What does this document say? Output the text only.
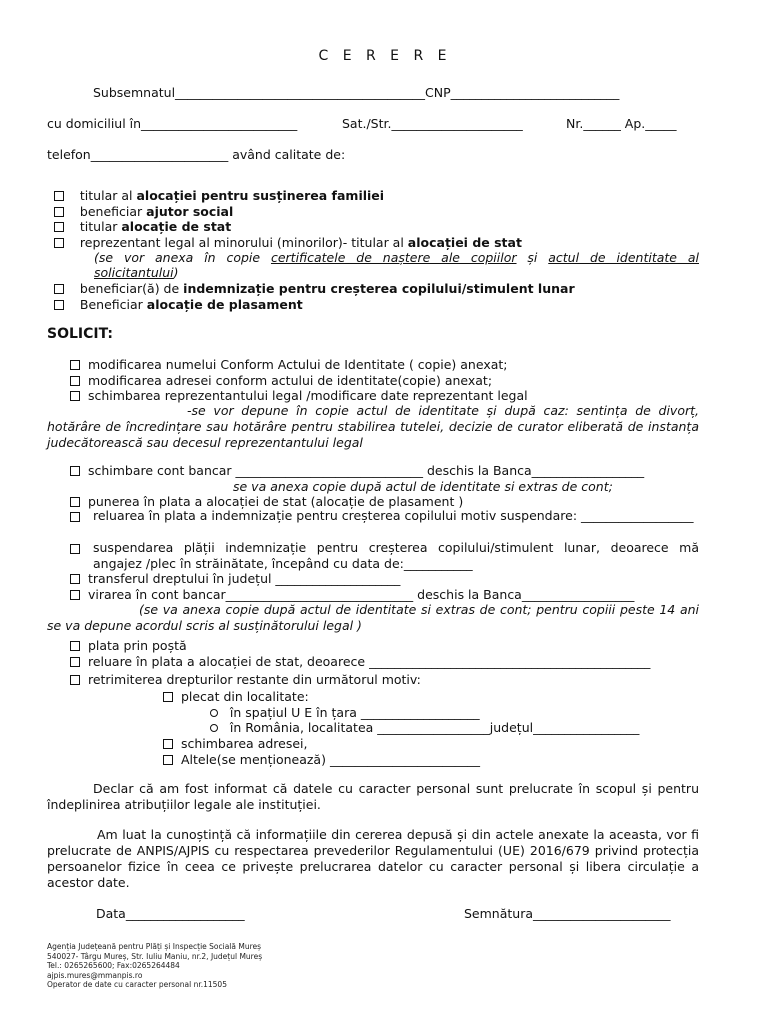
C E R E R E
Subsemnatul________________________________________CNP___________________________
cu domiciliul în_________________________	Sat./Str._____________________	Nr.______ Ap._____
telefon______________________ având calitate de:
titular al alocației pentru susținerea familiei
beneficiar ajutor social
titular alocație de stat
reprezentant legal al minorului (minorilor)- titular al alocației de stat
(se vor anexa în copie certificatele de naștere ale copiilor și actul de identitate al
solicitantului)
beneficiar(ă) de indemnizație pentru creșterea copilului/stimulent lunar
Beneficiar alocație de plasament
SOLICIT:
modificarea numelui Conform Actului de Identitate ( copie) anexat;
modificarea adresei conform actului de identitate(copie) anexat;
schimbarea reprezentantului legal /modificare date reprezentant legal
-se vor depune în copie actul de identitate și după caz: sentința de divorț, hotărâre de încredințare sau hotărâre pentru stabilirea tutelei, decizie de curator eliberată de instanța judecătorească sau decesul reprezentantului legal
schimbare cont bancar ______________________________ deschis la Banca__________________
se va anexa copie după actul de identitate si extras de cont;
punerea în plata a alocației de stat (alocație de plasament )
reluarea în plata a indemnizație pentru creșterea copilului motiv suspendare: __________________
suspendarea plății indemnizație pentru creșterea copilului/stimulent lunar, deoarece mă angajez /plec în străinătate, începând cu data de:___________
transferul dreptului în județul ____________________
virarea în cont bancar______________________________ deschis la Banca__________________
(se va anexa copie după actul de identitate si extras de cont; pentru copiii peste 14 ani se va depune acordul scris al susținătorului legal )
plata prin poștă
reluare în plata a alocației de stat, deoarece _____________________________________________
retrimiterea drepturilor restante din următorul motiv:
plecat din localitate:
în spațiul U E în țara ___________________
în România, localitatea __________________județul_________________
schimbarea adresei,
Altele(se menționează) ________________________
Declar că am fost informat că datele cu caracter personal sunt prelucrate în scopul și pentru îndeplinirea atribuțiilor legale ale instituției.
Am luat la cunoștință că informațiile din cererea depusă și din actele anexate la aceasta, vor fi prelucrate de ANPIS/AJPIS cu respectarea prevederilor Regulamentului (UE) 2016/679 privind protecția persoanelor fizice în ceea ce privește prelucrarea datelor cu caracter personal și libera circulație a acestor date.
Data___________________	Semnătura______________________
Agenția Județeană pentru Plăți și Inspecție Socială Mureș
540027- Târgu Mureș, Str. Iuliu Maniu, nr.2, Județul Mureș
Tel.: 0265265600; Fax:0265264484
ajpis.mures@mmanpis.ro
Operator de date cu caracter personal nr.11505
